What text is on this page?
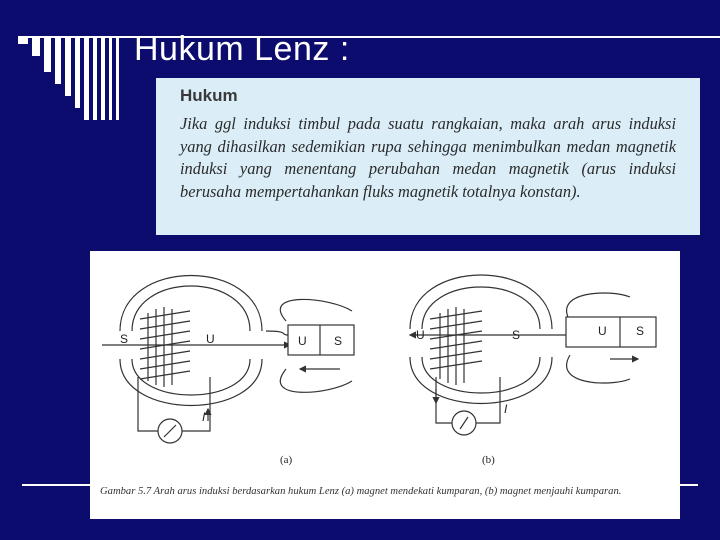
Hukum Lenz :
Hukum
Jika ggl induksi timbul pada suatu rangkaian, maka arah arus induksi yang dihasilkan sedemikian rupa sehingga menimbulkan medan magnetik induksi yang menentang perubahan medan magnetik (arus induksi berusaha mempertahankan fluks magnetik totalnya konstan).
S	U	U S
I
(a)
U	S	U S
I
(b)
Gambar 5.7 Arah arus induksi berdasarkan hukum Lenz (a) magnet mendekati kumparan, (b) magnet menjauhi kumparan.
